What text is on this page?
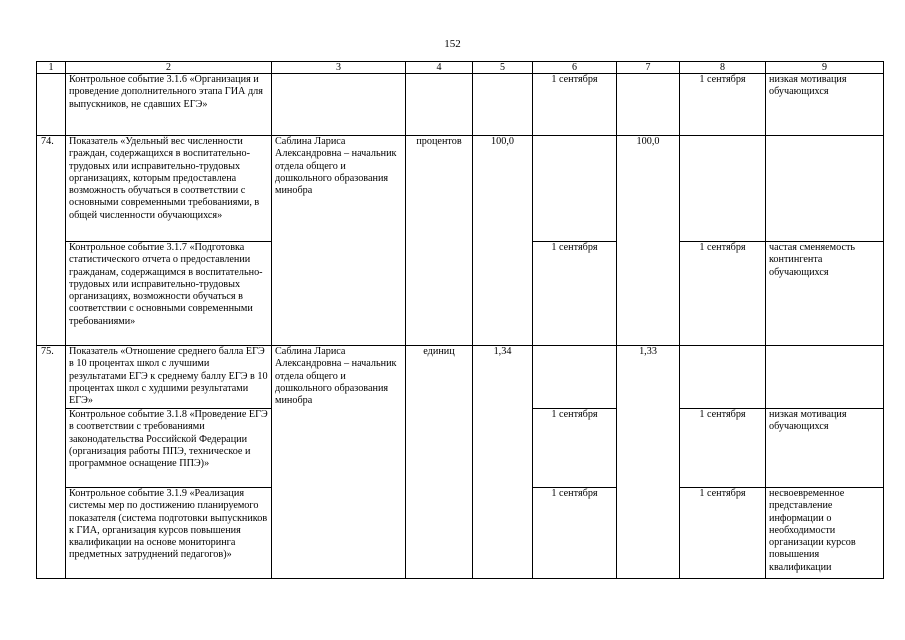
152
1	2	3	4	5	6	7	8	9
	Контрольное событие 3.1.6 «Организация и проведение дополнительного этапа ГИА для выпускников, не сдавших ЕГЭ»				1 сентября		1 сентября	низкая мотивация обучающихся
74.	Показатель «Удельный вес численности граждан, содержащихся в воспитательно-трудовых или исправительно-трудовых организациях, которым предоставлена возможность обучаться в соответствии с основными современными требованиями, в общей численности обучающихся»	Саблина Лариса Александровна – начальник отдела общего и дошкольного образования минобра	процентов	100,0		100,0		
	Контрольное событие 3.1.7 «Подготовка статистического отчета о предоставлении гражданам, содержащимся в воспитательно-трудовых или исправительно-трудовых организациях, возможности обучаться в соответствии с основными современными требованиями»				1 сентября		1 сентября	частая сменяемость контингента обучающихся
75.	Показатель «Отношение среднего балла ЕГЭ в 10 процентах школ с лучшими результатами ЕГЭ к среднему баллу ЕГЭ в 10 процентах школ с худшими результатами ЕГЭ»	Саблина Лариса Александровна – начальник отдела общего и дошкольного образования минобра	единиц	1,34		1,33		
	Контрольное событие 3.1.8 «Проведение ЕГЭ в соответствии с требованиями законодательства Российской Федерации (организация работы ППЭ, техническое и программное оснащение ППЭ)»				1 сентября		1 сентября	низкая мотивация обучающихся
	Контрольное событие 3.1.9 «Реализация системы мер по достижению планируемого показателя (система подготовки выпускников к ГИА, организация курсов повышения квалификации на основе мониторинга предметных затруднений педагогов)»				1 сентября		1 сентября	несвоевременное представление информации о необходимости организации курсов повышения квалификации
